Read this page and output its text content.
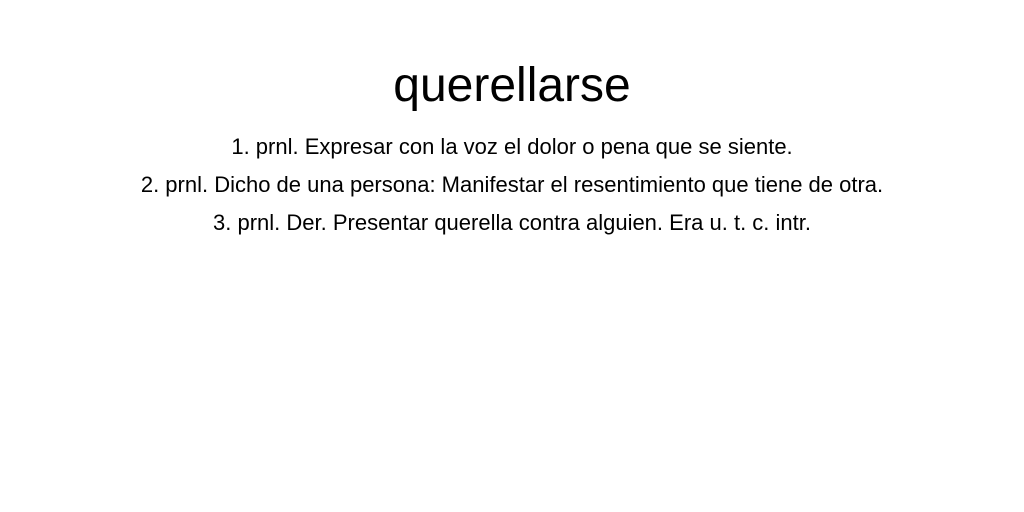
querellarse
1. prnl. Expresar con la voz el dolor o pena que se siente.
2. prnl. Dicho de una persona: Manifestar el resentimiento que tiene de otra.
3. prnl. Der. Presentar querella contra alguien. Era u. t. c. intr.
